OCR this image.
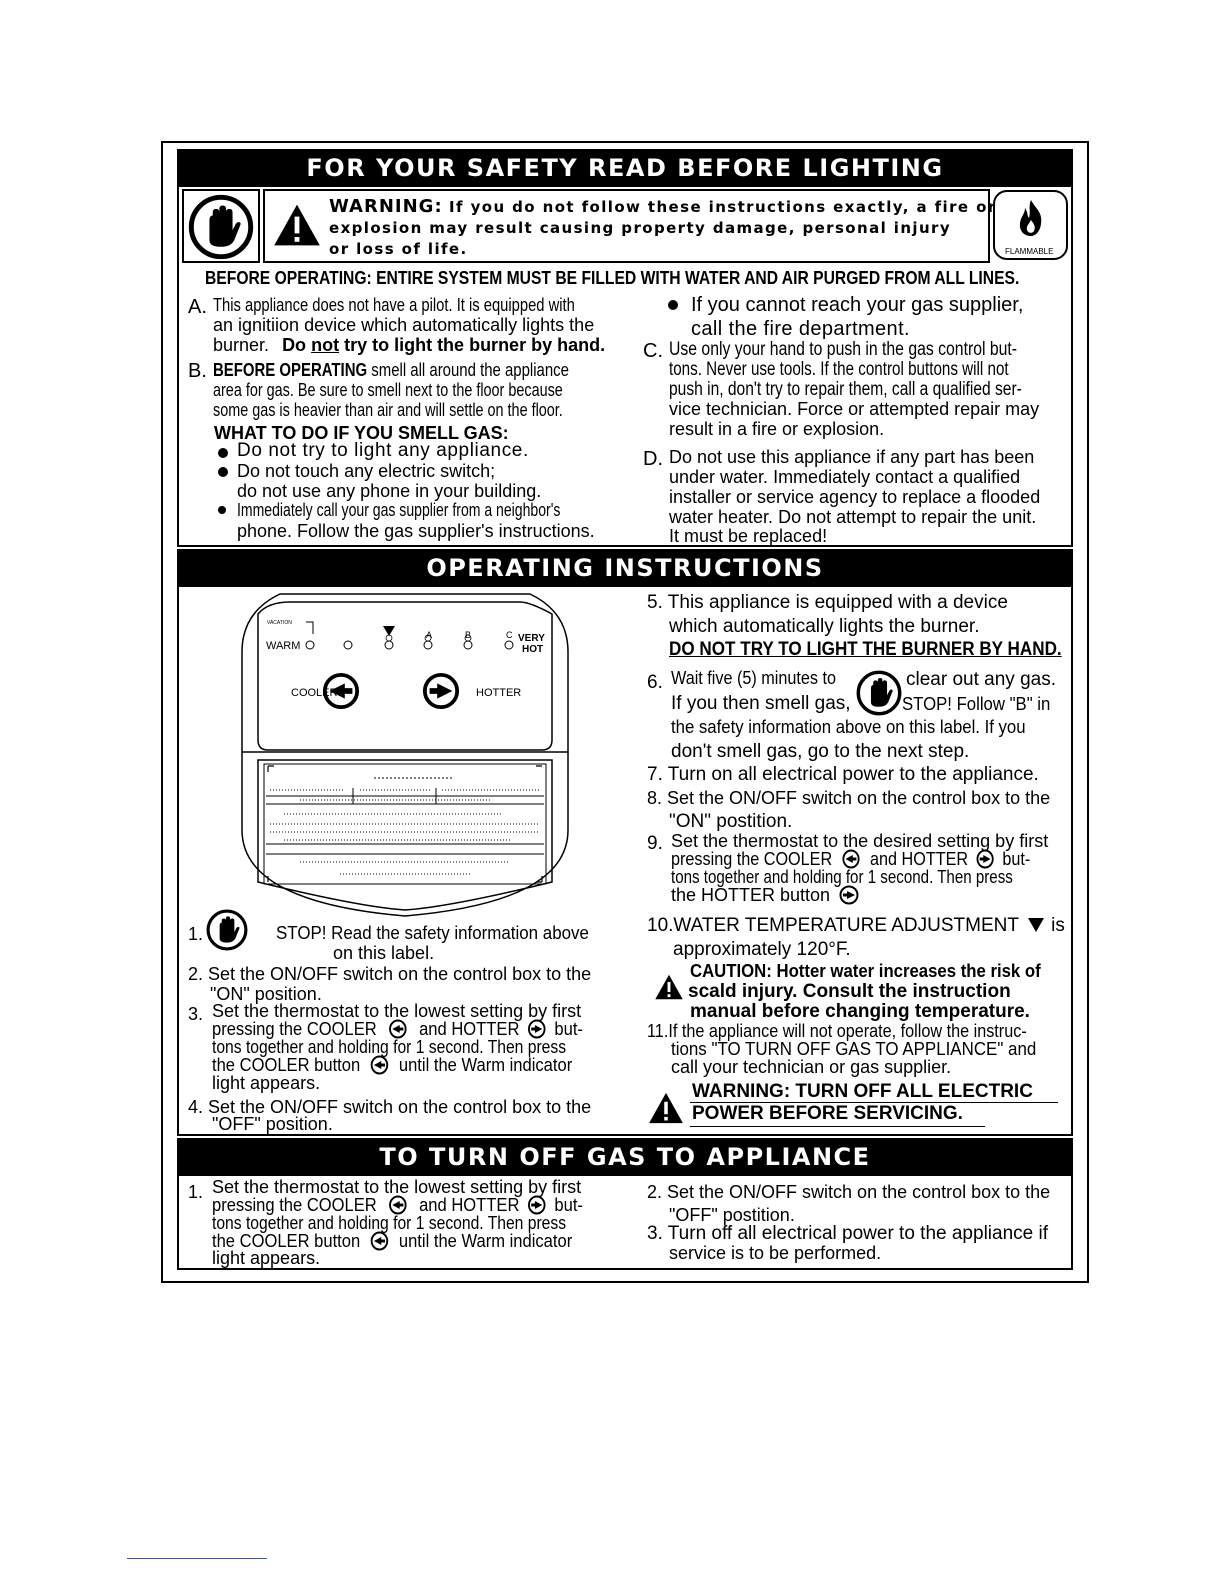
FOR YOUR SAFETY READ BEFORE LIGHTING
WARNING: If you do not follow these instructions exactly, a fire or
explosion may result causing property damage, personal injury
or loss of life.	FLAMMABLE
BEFORE OPERATING: ENTIRE SYSTEM MUST BE FILLED WITH WATER AND AIR PURGED FROM ALL LINES.
A. This appliance does not have a pilot. It is equipped with
an ignitiion device which automatically lights the
burner. Do not try to light the burner by hand.
B. BEFORE OPERATING smell all around the appliance
area for gas. Be sure to smell next to the floor because
some gas is heavier than air and will settle on the floor.
WHAT TO DO IF YOU SMELL GAS:
Do not try to light any appliance.
Do not touch any electric switch;
do not use any phone in your building.
Immediately call your gas supplier from a neighbor's
phone. Follow the gas supplier's instructions.
If you cannot reach your gas supplier,
call the fire department.
C. Use only your hand to push in the gas control but-
tons. Never use tools. If the control buttons will not
push in, don't try to repair them, call a qualified ser-
vice technician. Force or attempted repair may
result in a fire or explosion.
D. Do not use this appliance if any part has been
under water. Immediately contact a qualified
installer or service agency to replace a flooded
water heater. Do not attempt to repair the unit.
It must be replaced!
OPERATING INSTRUCTIONS
VACATION
WARM
A	B	C VERY
HOT
COOLER	HOTTER
1.	STOP! Read the safety information above
on this label.
2. Set the ON/OFF switch on the control box to the
"ON" position.
3. Set the thermostat to the lowest setting by first
pressing the COOLER and HOTTER but-
tons together and holding for 1 second. Then press
the COOLER button until the Warm indicator
light appears.
4. Set the ON/OFF switch on the control box to the
"OFF" position.
5. This appliance is equipped with a device
which automatically lights the burner.
DO NOT TRY TO LIGHT THE BURNER BY HAND.
6. Wait five (5) minutes to	clear out any gas.
If you then smell gas,	STOP! Follow "B" in
the safety information above on this label. If you
don't smell gas, go to the next step.
7. Turn on all electrical power to the appliance.
8. Set the ON/OFF switch on the control box to the
"ON" postition.
9. Set the thermostat to the desired setting by first
pressing the COOLER and HOTTER but-
tons together and holding for 1 second. Then press
the HOTTER button
10.WATER TEMPERATURE ADJUSTMENT is
approximately 120°F.
CAUTION: Hotter water increases the risk of
scald injury. Consult the instruction
manual before changing temperature.
11.If the appliance will not operate, follow the instruc-
tions "TO TURN OFF GAS TO APPLIANCE" and
call your technician or gas supplier.
WARNING: TURN OFF ALL ELECTRIC
POWER BEFORE SERVICING.
TO TURN OFF GAS TO APPLIANCE
1. Set the thermostat to the lowest setting by first
pressing the COOLER and HOTTER but-
tons together and holding for 1 second. Then press
the COOLER button until the Warm indicator
light appears.
2. Set the ON/OFF switch on the control box to the
"OFF" postition.
3. Turn off all electrical power to the appliance if
service is to be performed.
